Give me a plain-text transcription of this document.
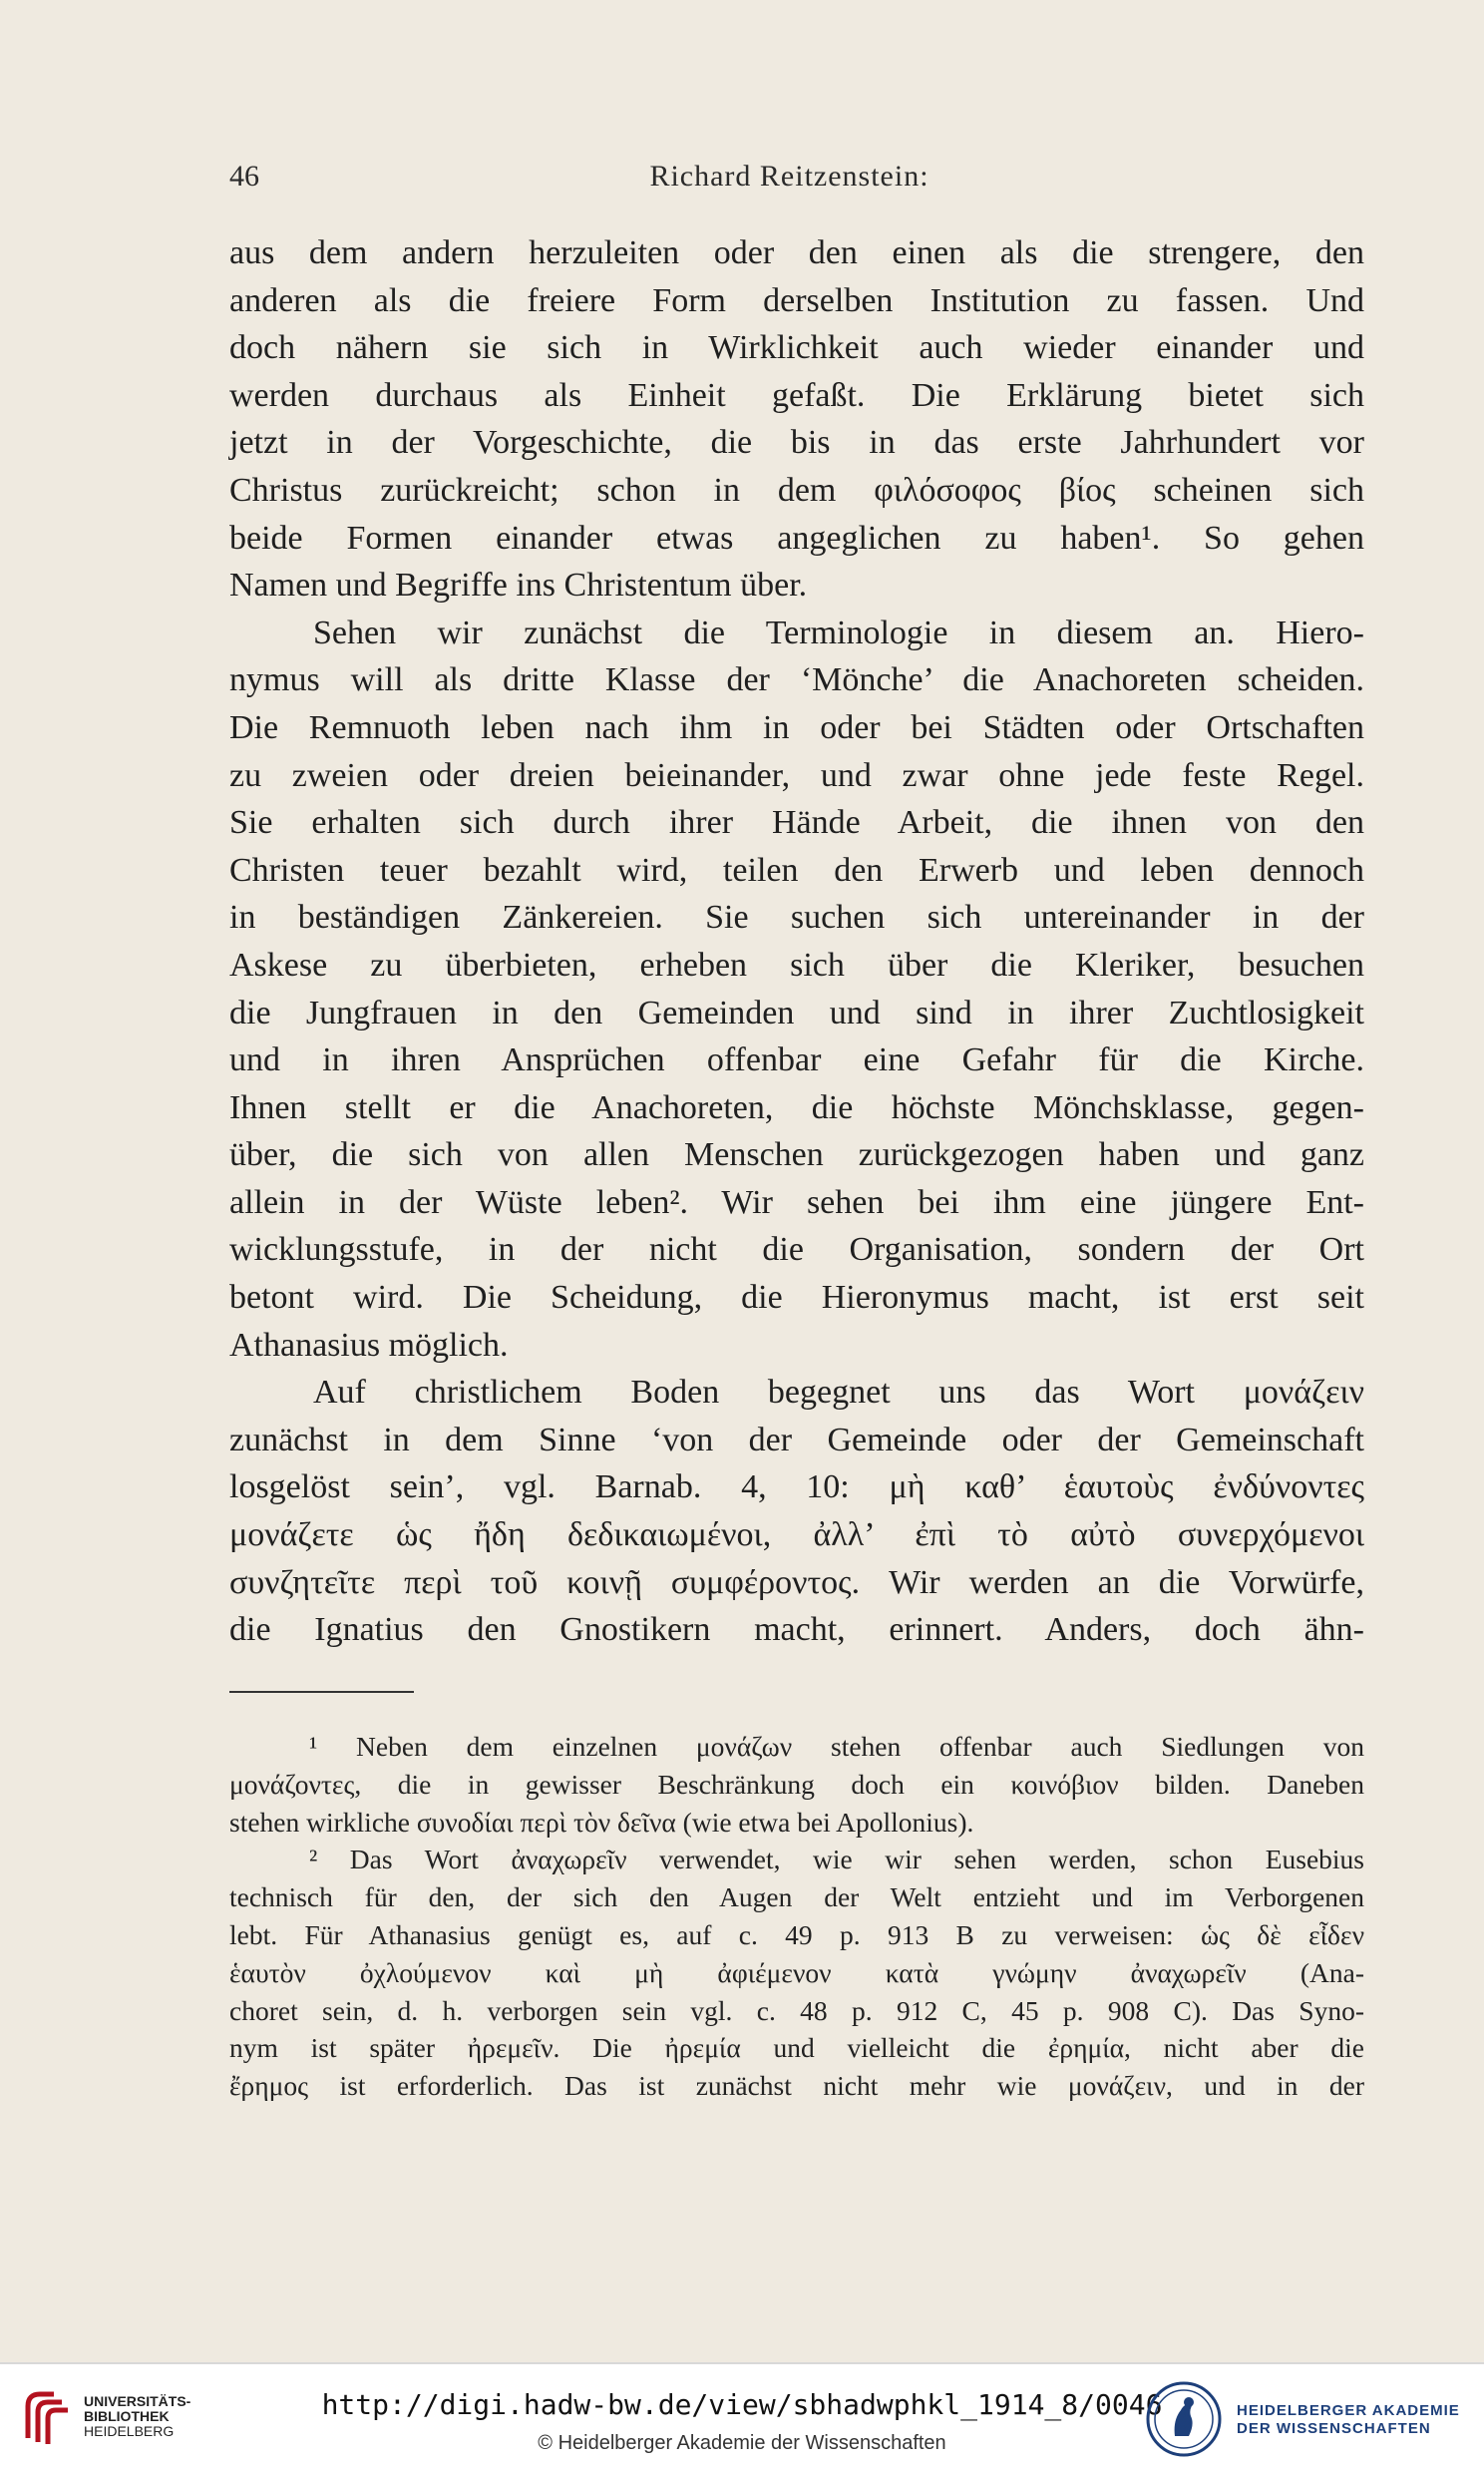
46	Richard Reitzenstein:
aus dem andern herzuleiten oder den einen als die strengere, den
anderen als die freiere Form derselben Institution zu fassen. Und
doch nähern sie sich in Wirklichkeit auch wieder einander und
werden durchaus als Einheit gefaßt. Die Erklärung bietet sich
jetzt in der Vorgeschichte, die bis in das erste Jahrhundert vor
Christus zurückreicht; schon in dem φιλόσοφος βίος scheinen sich
beide Formen einander etwas angeglichen zu haben¹. So gehen
Namen und Begriffe ins Christentum über.
Sehen wir zunächst die Terminologie in diesem an. Hiero-
nymus will als dritte Klasse der ‘Mönche’ die Anachoreten scheiden.
Die Remnuoth leben nach ihm in oder bei Städten oder Ortschaften
zu zweien oder dreien beieinander, und zwar ohne jede feste Regel.
Sie erhalten sich durch ihrer Hände Arbeit, die ihnen von den
Christen teuer bezahlt wird, teilen den Erwerb und leben dennoch
in beständigen Zänkereien. Sie suchen sich untereinander in der
Askese zu überbieten, erheben sich über die Kleriker, besuchen
die Jungfrauen in den Gemeinden und sind in ihrer Zuchtlosigkeit
und in ihren Ansprüchen offenbar eine Gefahr für die Kirche.
Ihnen stellt er die Anachoreten, die höchste Mönchsklasse, gegen-
über, die sich von allen Menschen zurückgezogen haben und ganz
allein in der Wüste leben². Wir sehen bei ihm eine jüngere Ent-
wicklungsstufe, in der nicht die Organisation, sondern der Ort
betont wird. Die Scheidung, die Hieronymus macht, ist erst seit
Athanasius möglich.
Auf christlichem Boden begegnet uns das Wort μονάζειν
zunächst in dem Sinne ‘von der Gemeinde oder der Gemeinschaft
losgelöst sein’, vgl. Barnab. 4, 10: μὴ καθ’ ἑαυτοὺς ἐνδύνοντες
μονάζετε ὡς ἤδη δεδικαιωμένοι, ἀλλ’ ἐπὶ τὸ αὐτὸ συνερχόμενοι
συνζητεῖτε περὶ τοῦ κοινῇ συμφέροντος. Wir werden an die Vorwürfe,
die Ignatius den Gnostikern macht, erinnert. Anders, doch ähn-
¹ Neben dem einzelnen μονάζων stehen offenbar auch Siedlungen von
μονάζοντες, die in gewisser Beschränkung doch ein κοινόβιον bilden. Daneben
stehen wirkliche συνοδίαι περὶ τὸν δεῖνα (wie etwa bei Apollonius).
² Das Wort ἀναχωρεῖν verwendet, wie wir sehen werden, schon Eusebius
technisch für den, der sich den Augen der Welt entzieht und im Verborgenen
lebt. Für Athanasius genügt es, auf c. 49 p. 913 B zu verweisen: ὡς δὲ εἶδεν
ἑαυτὸν ὀχλούμενον καὶ μὴ ἀφιέμενον κατὰ γνώμην ἀναχωρεῖν (Ana-
choret sein, d. h. verborgen sein vgl. c. 48 p. 912 C, 45 p. 908 C). Das Syno-
nym ist später ἠρεμεῖν. Die ἠρεμία und vielleicht die ἐρημία, nicht aber die
ἔρημος ist erforderlich. Das ist zunächst nicht mehr wie μονάζειν, und in der
UNIVERSITÄTS-
BIBLIOTHEK
HEIDELBERG
http://digi.hadw-bw.de/view/sbhadwphkl_1914_8/0046
© Heidelberger Akademie der Wissenschaften
HEIDELBERGER AKADEMIE
DER WISSENSCHAFTEN
